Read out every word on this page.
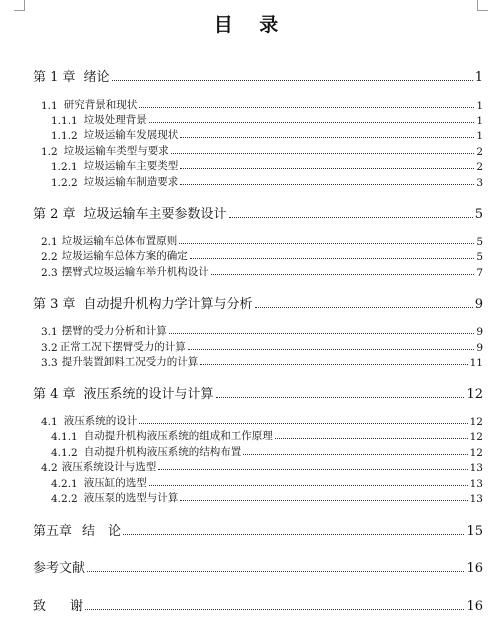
目 录
第 1 章 绪论	1
1.1 研究背景和现状	1
1.1.1 垃圾处理背景	1
1.1.2 垃圾运输车发展现状	1
1.2 垃圾运输车类型与要求	2
1.2.1 垃圾运输车主要类型	2
1.2.2 垃圾运输车制造要求	3
第 2 章 垃圾运输车主要参数设计	5
2.1 垃圾运输车总体布置原则	5
2.2 垃圾运输车总体方案的确定	5
2.3 摆臂式垃圾运输车举升机构设计	7
第 3 章 自动提升机构力学计算与分析	9
3.1 摆臂的受力分析和计算	9
3.2 正常工况下摆臂受力的计算	9
3.3 提升装置卸料工况受力的计算	11
第 4 章 液压系统的设计与计算	12
4.1 液压系统的设计	12
4.1.1 自动提升机构液压系统的组成和工作原理	12
4.1.2 自动提升机构液压系统的结构布置	12
4.2 液压系统设计与选型	13
4.2.1 液压缸的选型	13
4.2.2 液压泵的选型与计算	13
第五章 结　论	15
参考文献	16
致 谢	16
